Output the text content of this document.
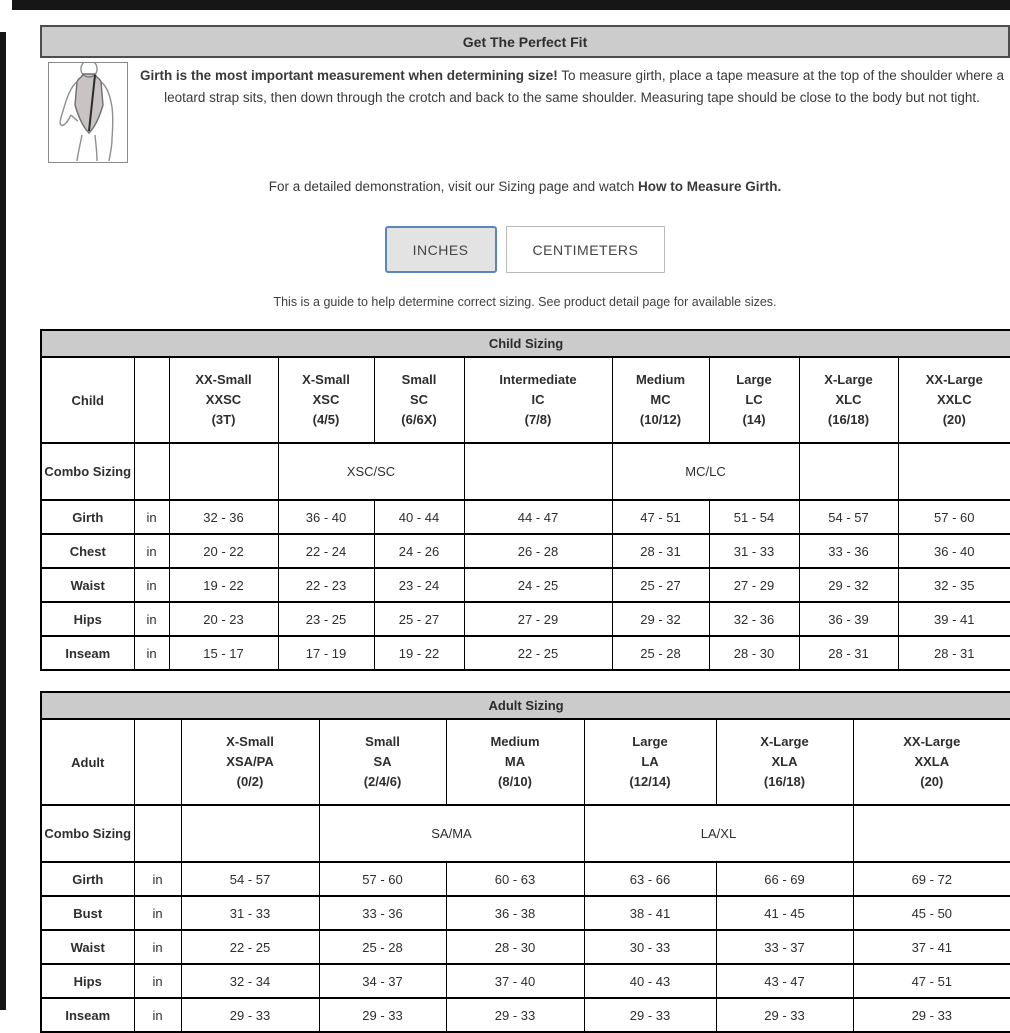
Get The Perfect Fit
Girth is the most important measurement when determining size! To measure girth, place a tape measure at the top of the shoulder where a leotard strap sits, then down through the crotch and back to the same shoulder. Measuring tape should be close to the body but not tight.
For a detailed demonstration, visit our Sizing page and watch How to Measure Girth.
INCHES	CENTIMETERS
This is a guide to help determine correct sizing. See product detail page for available sizes.
Child Sizing									
Child		XX-Small
XXSC
(3T)	X-Small
XSC
(4/5)	Small
SC
(6/6X)	Intermediate
IC
(7/8)	Medium
MC
(10/12)	Large
LC
(14)	X-Large
XLC
(16/18)	XX-Large
XXLC
(20)

Combo Sizing			XSC/SC			MC/LC			
Girth	in	32 - 36	36 - 40	40 - 44	44 - 47	47 - 51	51 - 54	54 - 57	57 - 60
Chest	in	20 - 22	22 - 24	24 - 26	26 - 28	28 - 31	31 - 33	33 - 36	36 - 40
Waist	in	19 - 22	22 - 23	23 - 24	24 - 25	25 - 27	27 - 29	29 - 32	32 - 35
Hips	in	20 - 23	23 - 25	25 - 27	27 - 29	29 - 32	32 - 36	36 - 39	39 - 41
Inseam	in	15 - 17	17 - 19	19 - 22	22 - 25	25 - 28	28 - 30	28 - 31	28 - 31
Adult Sizing							
Adult		X-Small
XSA/PA
(0/2)	Small
SA
(2/4/6)	Medium
MA
(8/10)	Large
LA
(12/14)	X-Large
XLA
(16/18)	XX-Large
XXLA
(20)

Combo Sizing			SA/MA		LA/XL		
Girth	in	54 - 57	57 - 60	60 - 63	63 - 66	66 - 69	69 - 72
Bust	in	31 - 33	33 - 36	36 - 38	38 - 41	41 - 45	45 - 50
Waist	in	22 - 25	25 - 28	28 - 30	30 - 33	33 - 37	37 - 41
Hips	in	32 - 34	34 - 37	37 - 40	40 - 43	43 - 47	47 - 51
Inseam	in	29 - 33	29 - 33	29 - 33	29 - 33	29 - 33	29 - 33
